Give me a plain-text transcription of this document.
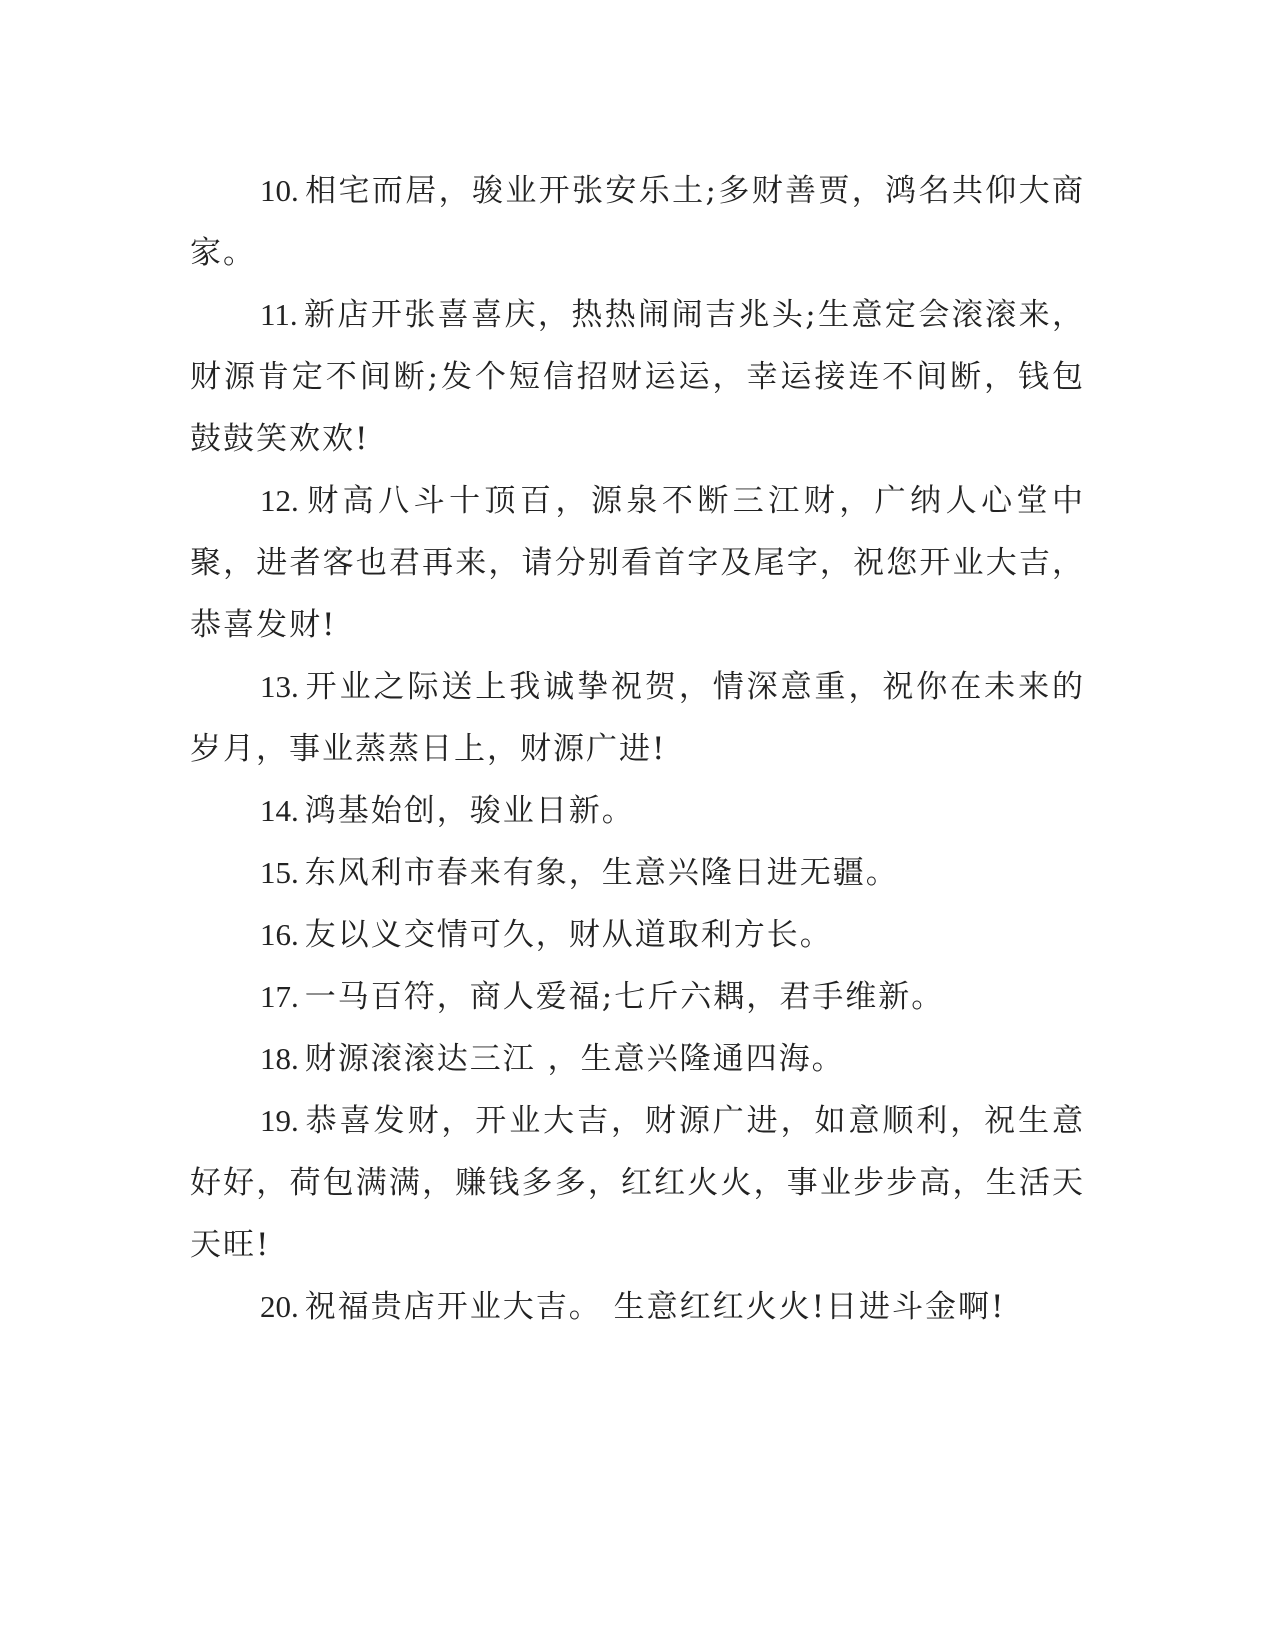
10. 相宅而居，骏业开张安乐土;多财善贾，鸿名共仰大商家。

11. 新店开张喜喜庆，热热闹闹吉兆头;生意定会滚滚来，财源肯定不间断;发个短信招财运运，幸运接连不间断，钱包鼓鼓笑欢欢!

12. 财高八斗十顶百，源泉不断三江财，广纳人心堂中聚，进者客也君再来，请分别看首字及尾字，祝您开业大吉，恭喜发财!

13. 开业之际送上我诚挚祝贺，情深意重，祝你在未来的岁月，事业蒸蒸日上，财源广进!

14. 鸿基始创，骏业日新。

15. 东风利市春来有象，生意兴隆日进无疆。

16. 友以义交情可久，财从道取利方长。

17. 一马百符，商人爱福;七斤六耦，君手维新。

18. 财源滚滚达三江 ，生意兴隆通四海。

19. 恭喜发财，开业大吉，财源广进，如意顺利，祝生意好好，荷包满满，赚钱多多，红红火火，事业步步高，生活天天旺!

20. 祝福贵店开业大吉。 生意红红火火!日进斗金啊!
